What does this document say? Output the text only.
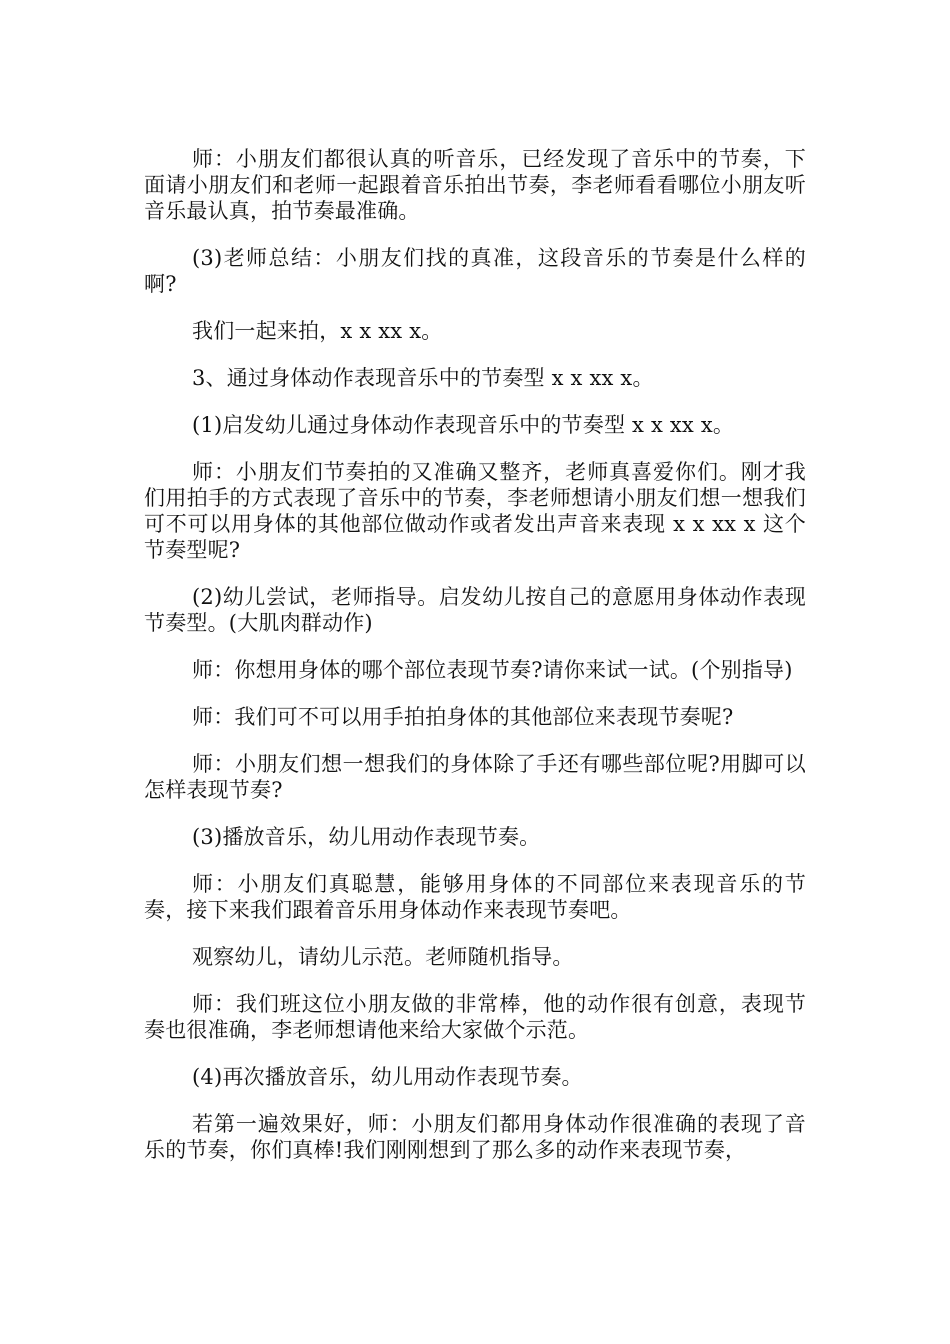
师：小朋友们都很认真的听音乐，已经发现了音乐中的节奏，下面请小朋友们和老师一起跟着音乐拍出节奏，李老师看看哪位小朋友听音乐最认真，拍节奏最准确。

(3)老师总结：小朋友们找的真准，这段音乐的节奏是什么样的啊?

我们一起来拍，x x xx x。

3、通过身体动作表现音乐中的节奏型 x x xx x。

(1)启发幼儿通过身体动作表现音乐中的节奏型 x x xx x。

师：小朋友们节奏拍的又准确又整齐，老师真喜爱你们。刚才我们用拍手的方式表现了音乐中的节奏，李老师想请小朋友们想一想我们可不可以用身体的其他部位做动作或者发出声音来表现 x x xx x 这个节奏型呢?

(2)幼儿尝试，老师指导。启发幼儿按自己的意愿用身体动作表现节奏型。(大肌肉群动作)

师：你想用身体的哪个部位表现节奏?请你来试一试。(个别指导)

师：我们可不可以用手拍拍身体的其他部位来表现节奏呢?

师：小朋友们想一想我们的身体除了手还有哪些部位呢?用脚可以怎样表现节奏?

(3)播放音乐，幼儿用动作表现节奏。

师：小朋友们真聪慧，能够用身体的不同部位来表现音乐的节奏，接下来我们跟着音乐用身体动作来表现节奏吧。

观察幼儿，请幼儿示范。老师随机指导。

师：我们班这位小朋友做的非常棒，他的动作很有创意，表现节奏也很准确，李老师想请他来给大家做个示范。

(4)再次播放音乐，幼儿用动作表现节奏。

若第一遍效果好，师：小朋友们都用身体动作很准确的表现了音乐的节奏，你们真棒!我们刚刚想到了那么多的动作来表现节奏，
